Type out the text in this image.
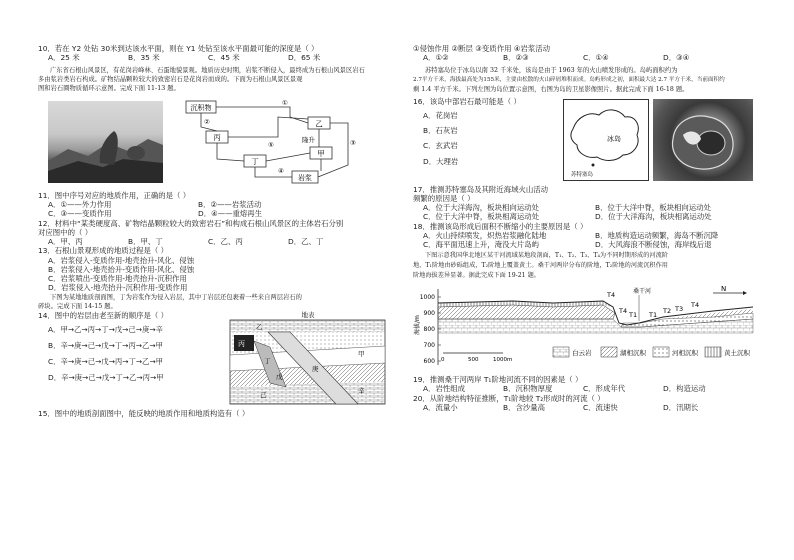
10．若在 Y2 处钻 30米到达该水平面，则在 Y1 处钻至该水平面最可能的深度是（ ）

A．25 米	B．35 米	C．45 米	D．65 米

广东省石根山风景区，有花岗岩峰林、石蛋地貌景观。地质历史时期，岩浆不断侵入，最终成为石根山风景区岩石

多由浆岩类岩石构成。矿物结晶颗粒较大的致密岩石是花岗岩而成的。下面为石根山风景区景观

图和岩石圈物质循环示意图。完成下面 11-13 题。

沉积物
乙
丙	隆升
甲
丁
岩浆
①
②
③
④
⑤

11．图中序号对应的地质作用，正确的是（ ）

A．①——外力作用	B．②——岩浆活动
C．③——变质作用	D．④——重熔再生

12．材料中“某类硬度高、矿物结晶颗粒较大的致密岩石”和构成石根山风景区的主体岩石分别

对应图中的（ ）

A．甲、丙	B．甲、丁	C．乙、丙	D．乙、丁

13．石根山景观形成的地质过程是（ ）

A．岩浆侵入-变质作用-地壳抬升-风化、侵蚀

B．岩浆侵入-地壳抬升-变质作用-风化、侵蚀

C．岩浆喷出-变质作用-地壳抬升-沉积作用

D．岩浆侵入-地壳抬升-沉积作用-变质作用

下图为某地地质剖面图，丁为岩浆作为侵入岩层，其中丁岩层还包裹着一些来自两层岩石的

碎块。完成下面 14-15 题。

14．图中的岩层由老至新的顺序是（ ）

A．甲→乙→丙→丁→戊→己→庚→辛

B．辛→庚→己→戊→丁→丙→乙→甲

C．辛→庚→己→戊→丙→丁→乙→甲

D．辛→庚→己→戊→丁→乙→丙→甲

地表
乙
丙
丁
庚
戊
己	辛
甲

15．图中的地质剖面图中，能反映的地质作用和地质构造有（ ）

①侵蚀作用 ②断层 ③变质作用 ④岩浆活动

A．①②	B．②③	C．①④	D．③④

苏特塞岛位于冰岛以南 32 千米处，该岛是由于 1963 年的火山喷发形成的。岛屿面积约为

2.7平方千米，海拔最高处为155米，主要由松散的火山碎屑堆积而成。岛屿形成之初，面积最大达 2.7 平方千米，当前面积约

剩 1.4 平方千米。下列左图为岛位置示意图，右图为岛的卫星影像照片。据此完成下面 16-18 题。

16．该岛中部岩石最可能是（ ）

A．花岗岩

B．石灰岩

C．玄武岩

D．大理岩

冰岛
苏特塞岛

17．推测苏特塞岛及其附近海域火山活动

频繁的原因是（ ）

A．位于大洋海沟，板块相向运动处	B．位于大洋中脊，板块相向运动处
C．位于大洋中脊，板块相离运动处	D．位于大洋海沟，板块相离运动处

18．推测该岛形成后面积不断缩小的主要原因是（ ）

A．火山持续喷发，炽热岩浆融化陆地	B．地质构造运动频繁，海岛不断沉降
C．海平面迅速上升，淹没大片岛屿	D．大风海浪不断侵蚀，海岸线后退

下图示意我国华北地区某干河流域某地段剖面，T₁、T₂、T₃、T₄为不同时期形成的河流阶

地，T₁阶地由砂砾组成，T₂阶地上覆盖黄土。桑干河两岸分布的阶地，T₂阶地的河流沉积作用

阶地海拔差异显著。据此完成下面 19-21 题。

海拔/m
1000
900
800
700
600
T4
T4 T1 T1 T2 T3 T4
桑干河	N
0	500	1000m
白云岩	湖相沉积	河相沉积	黄土沉积

19．推测桑干河两岸 T₁阶地河流不同的因素是（ ）

A．岩性组成	B．沉积物厚度	C．形成年代	D．构造运动

20．从阶地结构特征推断，T₁阶地较 T₂形成时的河流（ ）

A．流量小	B．含沙量高	C．流速快	D．汛期长
